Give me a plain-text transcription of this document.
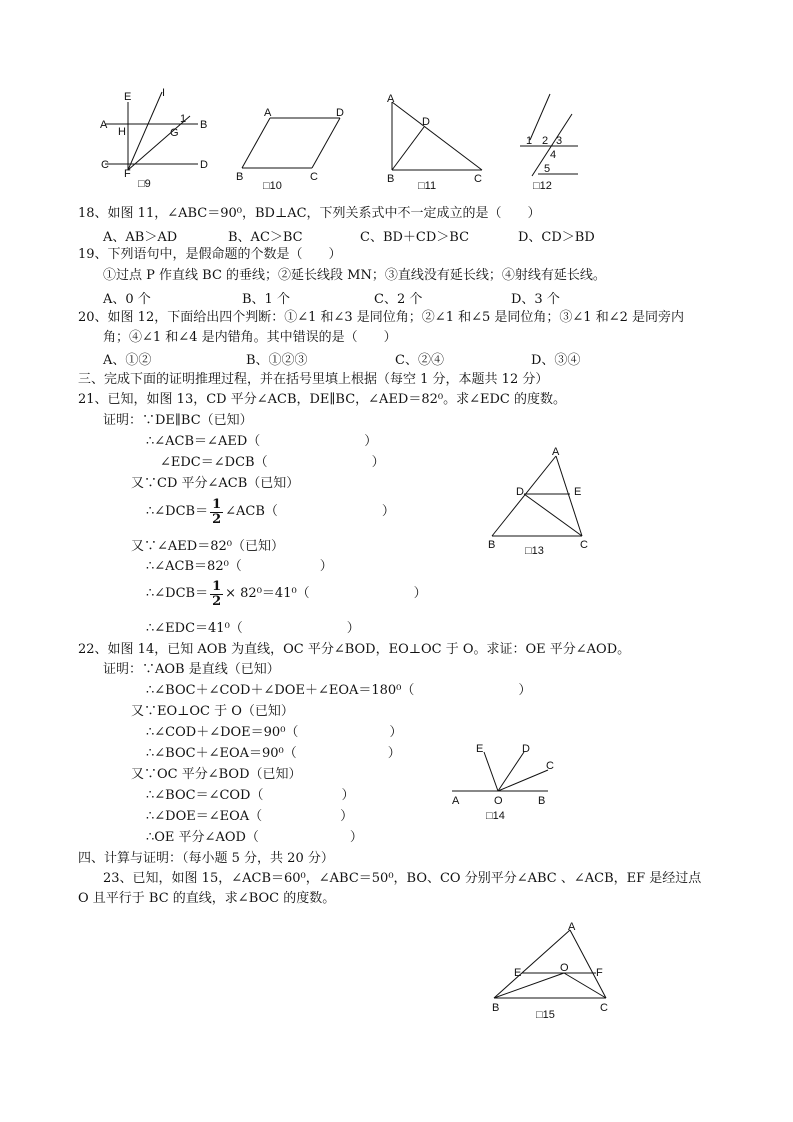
E	I
A
H
1
G
B
C
F
D
□9
A	D
B	C
□10
A
D
B	C
□11
1 2 3
4
5
□12
18、如图 11，∠ABC＝90⁰，BD⊥AC，下列关系式中不一定成立的是（　　）
A、AB＞AD	B、AC＞BC	C、BD＋CD＞BC	D、CD＞BD
19、下列语句中，是假命题的个数是（　　）
①过点 P 作直线 BC 的垂线；②延长线段 MN；③直线没有延长线；④射线有延长线。
A、0 个	B、1 个	C、2 个	D、3 个
20、如图 12，下面给出四个判断：①∠1 和∠3 是同位角；②∠1 和∠5 是同位角；③∠1 和∠2 是同旁内
角；④∠1 和∠4 是内错角。其中错误的是（　　）
A、①②	B、①②③	C、②④	D、③④
三、完成下面的证明推理过程，并在括号里填上根据（每空 1 分，本题共 12 分）
21、已知，如图 13，CD 平分∠ACB，DE∥BC，∠AED＝82⁰。求∠EDC 的度数。
证明：∵DE∥BC（已知）
∴∠ACB＝∠AED（　　　　　　　　）
∠EDC＝∠DCB（　　　　　　　　）
又∵CD 平分∠ACB（已知）
∴∠DCB＝ $\frac{1}{2}$ ∠ACB（　　　　　　　　）
又∵∠AED＝82⁰（已知）
∴∠ACB＝82⁰（　　　　　　）
∴∠DCB＝ $\frac{1}{2} \times 82^0=41^0$（　　　　　　　　）
∴∠EDC＝41⁰（　　　　　　　　）
A
D	E
B	C
□13
22、如图 14，已知 AOB 为直线，OC 平分∠BOD，EO⊥OC 于 O。求证：OE 平分∠AOD。
证明：∵AOB 是直线（已知）
∴∠BOC＋∠COD＋∠DOE＋∠EOA＝180⁰（　　　　　　　　）
又∵EO⊥OC 于 O（已知）
∴∠COD＋∠DOE＝90⁰（　　　　　　　）
∴∠BOC＋∠EOA＝90⁰（　　　　　　　）
又∵OC 平分∠BOD（已知）
∴∠BOC＝∠COD（　　　　　　）
∴∠DOE＝∠EOA（　　　　　　）
∴OE 平分∠AOD（　　　　　　　）
E	D
C
A	O	B
□14
四、计算与证明：（每小题 5 分，共 20 分）
23、已知，如图 15，∠ACB＝60⁰，∠ABC＝50⁰，BO、CO 分别平分∠ABC 、∠ACB，EF 是经过点
O 且平行于 BC 的直线，求∠BOC 的度数。
A
E	O F
B	C
□15
